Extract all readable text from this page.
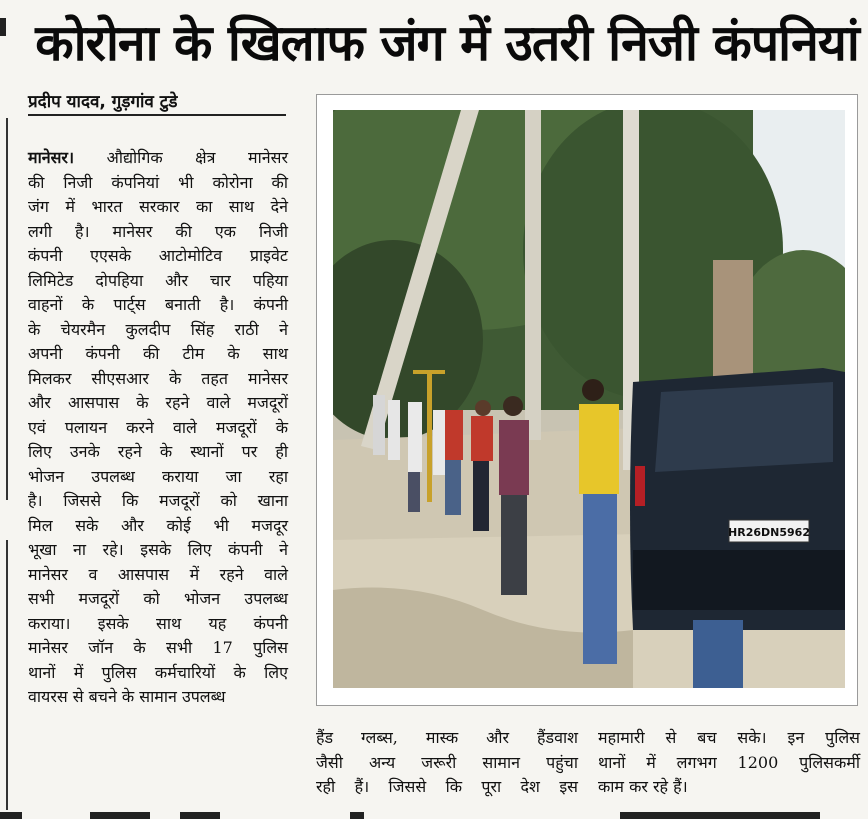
कोरोना के खिलाफ जंग में उतरी निजी कंपनियां
प्रदीप यादव, गुड़गांव टुडे

मानेसर। औद्योगिक क्षेत्र मानेसर

की निजी कंपनियां भी कोरोना की

जंग में भारत सरकार का साथ देने

लगी है। मानेसर की एक निजी

कंपनी एएसके आटोमोटिव प्राइवेट

लिमिटेड दोपहिया और चार पहिया

वाहनों के पार्ट्स बनाती है। कंपनी

के चेयरमैन कुलदीप सिंह राठी ने

अपनी कंपनी की टीम के साथ

मिलकर सीएसआर के तहत मानेसर

और आसपास के रहने वाले मजदूरों

एवं पलायन करने वाले मजदूरों के

लिए उनके रहने के स्थानों पर ही

भोजन उपलब्ध कराया जा रहा

है। जिससे कि मजदूरों को खाना

मिल सके और कोई भी मजदूर

भूखा ना रहे। इसके लिए कंपनी ने

मानेसर व आसपास में रहने वाले

सभी मजदूरों को भोजन उपलब्ध

कराया। इसके साथ यह कंपनी

मानेसर जॉन के सभी 17 पुलिस

थानों में पुलिस कर्मचारियों के लिए

वायरस से बचने के सामान उपलब्ध

HR26DN5962

हैंड ग्लब्स, मास्क और हैंडवाश

जैसी अन्य जरूरी सामान पहुंचा

रही हैं। जिससे कि पूरा देश इस

महामारी से बच सके। इन पुलिस

थानों में लगभग 1200 पुलिसकर्मी

काम कर रहे हैं।
